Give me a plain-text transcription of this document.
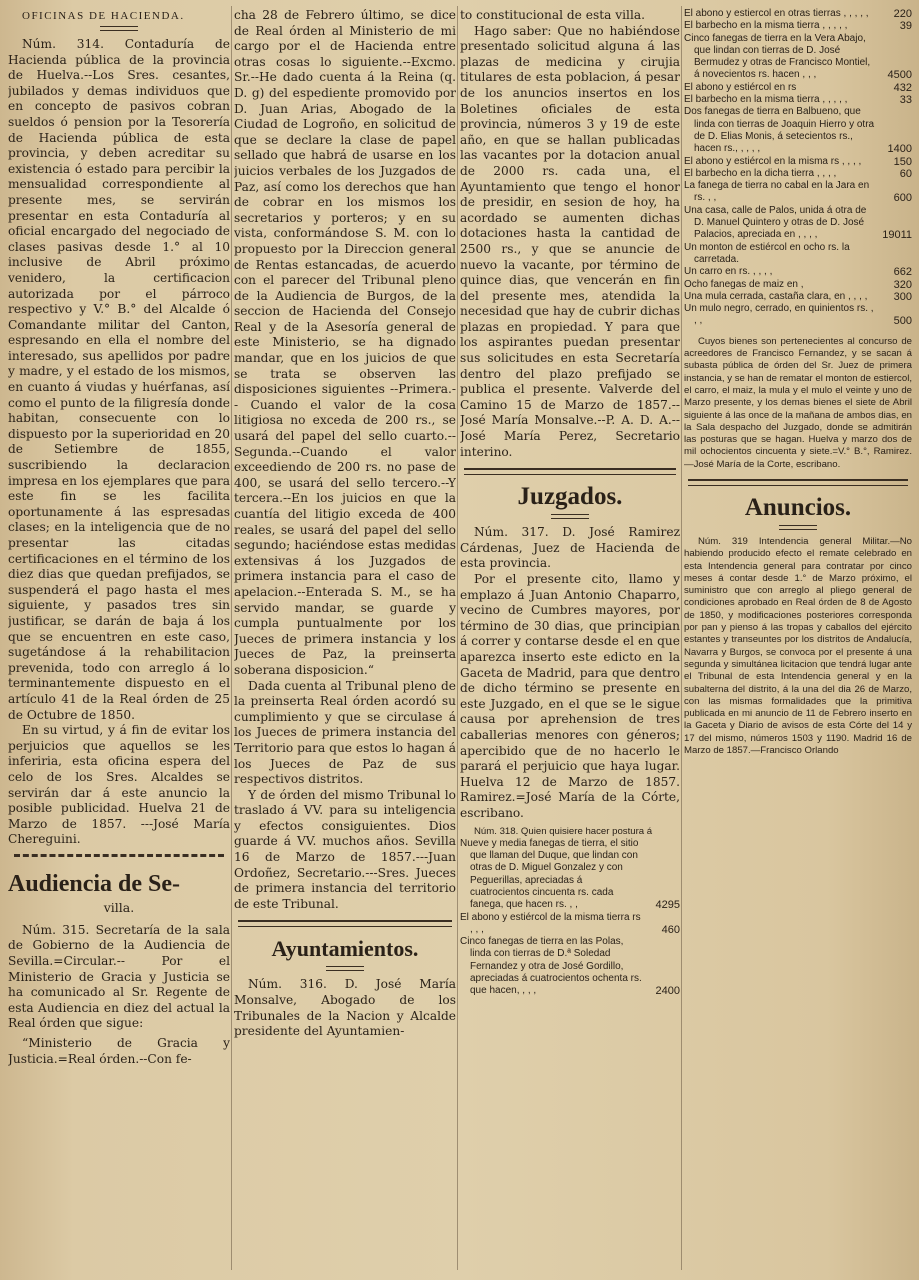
OFICINAS DE HACIENDA.

Núm. 314. Contaduría de Hacienda pública de la provincia de Huelva.--Los Sres. cesantes, jubilados y demas individuos que en concepto de pasivos cobran sueldos ó pension por la Tesorería de Hacienda pública de esta provincia, y deben acreditar su existencia ó estado para percibir la mensualidad correspondiente al presente mes, se servirán presentar en esta Contaduría al oficial encargado del negociado de clases pasivas desde 1.° al 10 inclusive de Abril próximo venidero, la certificacion autorizada por el párroco respectivo y V.° B.° del Alcalde ó Comandante militar del Canton, espresando en ella el nombre del interesado, sus apellidos por padre y madre, y el estado de los mismos, en cuanto á viudas y huérfanas, así como el punto de la filigresía donde habitan, consecuente con lo dispuesto por la superioridad en 20 de Setiembre de 1855, suscribiendo la declaracion impresa en los ejemplares que para este fin se les facilita oportunamente á las espresadas clases; en la inteligencia que de no presentar las citadas certificaciones en el término de los diez dias que quedan prefijados, se suspenderá el pago hasta el mes siguiente, y pasados tres sin justificar, se darán de baja á los que se encuentren en este caso, sugetándose á la rehabilitacion prevenida, todo con arreglo á lo terminantemente dispuesto en el artículo 41 de la Real órden de 25 de Octubre de 1850.

En su virtud, y á fin de evitar los perjuicios que aquellos se les inferiria, esta oficina espera del celo de los Sres. Alcaldes se servirán dar á este anuncio la posible publicidad. Huelva 21 de Marzo de 1857. ---José María Chereguini.

Audiencia de Se-
villa.

Núm. 315. Secretaría de la sala de Gobierno de la Audiencia de Sevilla.=Circular.-- Por el Ministerio de Gracia y Justicia se ha comunicado al Sr. Regente de esta Audiencia en diez del actual la Real órden que sigue:

“Ministerio de Gracia y Justicia.=Real órden.--Con fe-

cha 28 de Febrero último, se dice de Real órden al Ministerio de mi cargo por el de Hacienda entre otras cosas lo siguiente.--Excmo. Sr.--He dado cuenta á la Reina (q. D. g) del espediente promovido por D. Juan Arias, Abogado de la Ciudad de Logroño, en solicitud de que se declare la clase de papel sellado que habrá de usarse en los juicios verbales de los Juzgados de Paz, así como los derechos que han de cobrar en los mismos los secretarios y porteros; y en su vista, conformándose S. M. con lo propuesto por la Direccion general de Rentas estancadas, de acuerdo con el parecer del Tribunal pleno de la Audiencia de Burgos, de la seccion de Hacienda del Consejo Real y de la Asesoría general de este Ministerio, se ha dignado mandar, que en los juicios de que se trata se observen las disposiciones siguientes --Primera.-- Cuando el valor de la cosa litigiosa no exceda de 200 rs., se usará del papel del sello cuarto.--Segunda.--Cuando el valor exceediendo de 200 rs. no pase de 400, se usará del sello tercero.--Y tercera.--En los juicios en que la cuantía del litigio exceda de 400 reales, se usará del papel del sello segundo; haciéndose estas medidas extensivas á los Juzgados de primera instancia para el caso de apelacion.--Enterada S. M., se ha servido mandar, se guarde y cumpla puntualmente por los Jueces de primera instancia y los Jueces de Paz, la preinserta soberana disposicion.“

Dada cuenta al Tribunal pleno de la preinserta Real órden acordó su cumplimiento y que se circulase á los Jueces de primera instancia del Territorio para que estos lo hagan á los Jueces de Paz de sus respectivos distritos.

Y de órden del mismo Tribunal lo traslado á VV. para su inteligencia y efectos consiguientes. Dios guarde á VV. muchos años. Sevilla 16 de Marzo de 1857.---Juan Ordoñez, Secretario.---Sres. Jueces de primera instancia del territorio de este Tribunal.

Ayuntamientos.

Núm. 316. D. José María Monsalve, Abogado de los Tribunales de la Nacion y Alcalde presidente del Ayuntamien-

to constitucional de esta villa.

Hago saber: Que no habiéndose presentado solicitud alguna á las plazas de medicina y cirujia titulares de esta poblacion, á pesar de los anuncios insertos en los Boletines oficiales de esta provincia, números 3 y 19 de este año, en que se hallan publicadas las vacantes por la dotacion anual de 2000 rs. cada una, el Ayuntamiento que tengo el honor de presidir, en sesion de hoy, ha acordado se aumenten dichas dotaciones hasta la cantidad de 2500 rs., y que se anuncie de nuevo la vacante, por término de quince dias, que vencerán en fin del presente mes, atendida la necesidad que hay de cubrir dichas plazas en propiedad. Y para que los aspirantes puedan presentar sus solicitudes en esta Secretaría dentro del plazo prefijado se publica el presente. Valverde del Camino 15 de Marzo de 1857.--José María Monsalve.--P. A. D. A.--José María Perez, Secretario interino.

Juzgados.

Núm. 317. D. José Ramirez Cárdenas, Juez de Hacienda de esta provincia.

Por el presente cito, llamo y emplazo á Juan Antonio Chaparro, vecino de Cumbres mayores, por término de 30 dias, que principian á correr y contarse desde el en que aparezca inserto este edicto en la Gaceta de Madrid, para que dentro de dicho término se presente en este Juzgado, en el que se le sigue causa por aprehension de tres caballerias menores con géneros; apercibido que de no hacerlo le parará el perjuicio que haya lugar. Huelva 12 de Marzo de 1857. Ramirez.=José María de la Córte, escribano.

Núm. 318. Quien quisiere hacer postura á

Nueve y media fanegas de tierra, el sitio que llaman del Duque, que lindan con otras de D. Miguel Gonzalez y con Peguerillas, apreciadas á cuatrocientos cincuenta rs. cada fanega, que hacen rs. , ,	4295
El abono y estiércol de la misma tierra rs , , ,	460
Cinco fanegas de tierra en las Polas, linda con tierras de D.ª Soledad Fernandez y otra de José Gordillo, apreciadas á cuatrocientos ochenta rs. que hacen, , , ,	2400
El abono y estiercol en otras tierras , , , , ,	220
El barbecho en la misma tierra , , , , ,	39
Cinco fanegas de tierra en la Vera Abajo, que lindan con tierras de D. José Bermudez y otras de Francisco Montiel, á novecientos rs. hacen , , ,	4500
El abono y estiércol en rs	432
El barbecho en la misma tierra , , , , ,	33
Dos fanegas de tierra en Balbueno, que linda con tierras de Joaquin Hierro y otra de D. Elias Monis, á setecientos rs., hacen rs., , , , ,	1400
El abono y estiércol en la misma rs , , , ,	150
El barbecho en la dicha tierra , , , ,	60
La fanega de tierra no cabal en la Jara en rs. , ,	600
Una casa, calle de Palos, unida á otra de D. Manuel Quintero y otras de D. José Palacios, apreciada en , , , ,	19011
Un monton de estiércol en ocho rs. la carretada.	
Un carro en rs. , , , ,	662
Ocho fanegas de maiz en ,	320
Una mula cerrada, castaña clara, en , , , ,	300
Un mulo negro, cerrado, en quinientos rs. , , ,	500

Cuyos bienes son pertenecientes al concurso de acreedores de Francisco Fernandez, y se sacan á subasta pública de órden del Sr. Juez de primera instancia, y se han de rematar el monton de estiercol, el carro, el maiz, la mula y el mulo el veinte y uno de Marzo presente, y los demas bienes el siete de Abril siguiente á las once de la mañana de ambos dias, en la Sala despacho del Juzgado, donde se admitirán las posturas que se hagan. Huelva y marzo dos de mil ochocientos cincuenta y siete.=V.° B.°, Ramirez.—José María de la Corte, escribano.

Anuncios.

Núm. 319 Intendencia general Militar.—No habiendo producido efecto el remate celebrado en esta Intendencia general para contratar por cinco meses á contar desde 1.° de Marzo próximo, el suministro que con arreglo al pliego general de condiciones aprobado en Real órden de 8 de Agosto de 1850, y modificaciones posteriores corresponda por pan y pienso á las tropas y caballos del ejército estantes y transeuntes por los distritos de Andalucía, Navarra y Burgos, se convoca por el presente á una segunda y simultánea licitacion que tendrá lugar ante el Tribunal de esta Intendencia general y en la subalterna del distrito, á la una del dia 26 de Marzo, con las mismas formalidades que la primitiva publicada en mi anuncio de 11 de Febrero inserto en la Gaceta y Diario de avisos de esta Córte del 14 y 17 del mismo, números 1503 y 1190. Madrid 16 de Marzo de 1857.—Francisco Orlando
